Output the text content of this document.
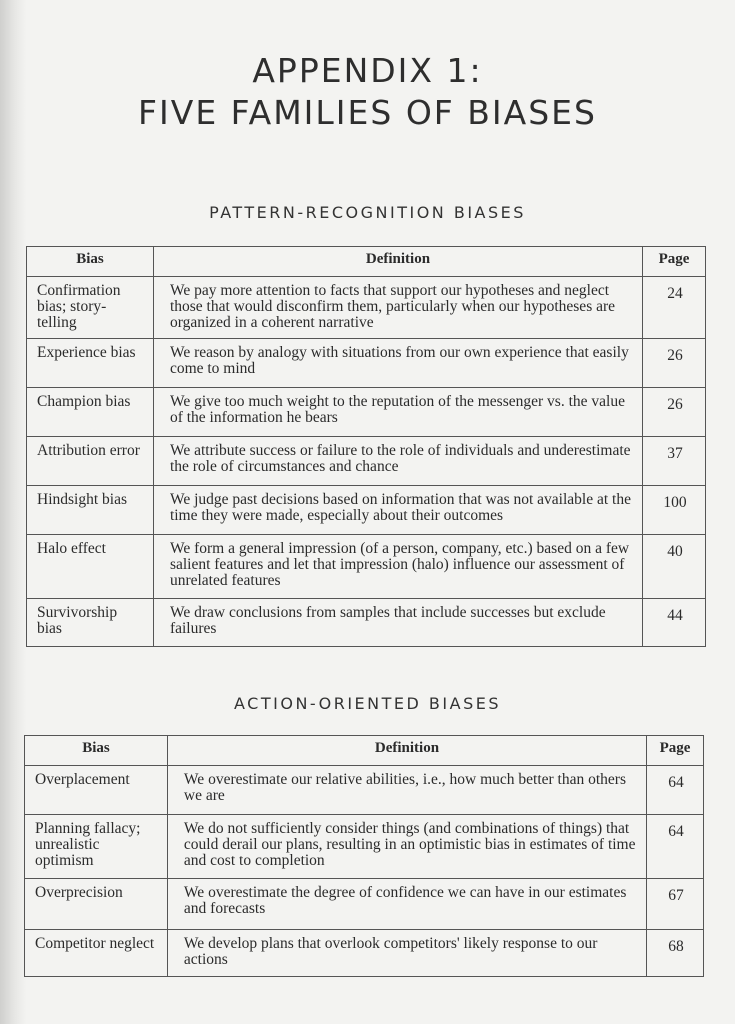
APPENDIX 1:
FIVE FAMILIES OF BIASES
PATTERN-RECOGNITION BIASES
Bias	Definition	Page
Confirmation bias; story-telling	We pay more attention to facts that support our hypotheses and neglect those that would disconfirm them, particularly when our hypotheses are organized in a coherent narrative	24
Experience bias	We reason by analogy with situations from our own experience that easily come to mind	26
Champion bias	We give too much weight to the reputation of the messenger vs. the value of the information he bears	26
Attribution error	We attribute success or failure to the role of individuals and underestimate the role of circumstances and chance	37
Hindsight bias	We judge past decisions based on information that was not available at the time they were made, especially about their outcomes	100
Halo effect	We form a general impression (of a person, company, etc.) based on a few salient features and let that impression (halo) influence our assessment of unrelated features	40
Survivorship bias	We draw conclusions from samples that include successes but exclude failures	44
ACTION-ORIENTED BIASES
Bias	Definition	Page
Overplacement	We overestimate our relative abilities, i.e., how much better than others we are	64
Planning fallacy; unrealistic optimism	We do not sufficiently consider things (and combinations of things) that could derail our plans, resulting in an optimistic bias in estimates of time and cost to completion	64
Overprecision	We overestimate the degree of confidence we can have in our estimates and forecasts	67
Competitor neglect	We develop plans that overlook competitors' likely response to our actions	68
